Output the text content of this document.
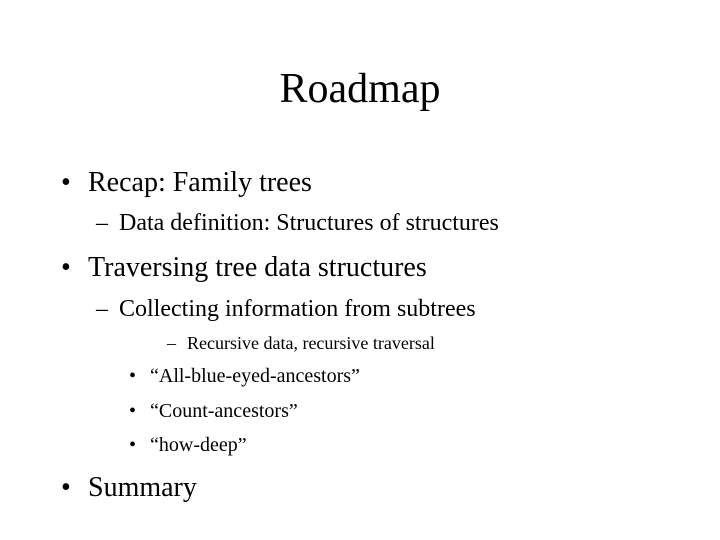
Roadmap
• Recap: Family trees
– Data definition: Structures of structures
• Traversing tree data structures
– Collecting information from subtrees
– Recursive data, recursive traversal
• “All-blue-eyed-ancestors”
• “Count-ancestors”
• “how-deep”
• Summary
